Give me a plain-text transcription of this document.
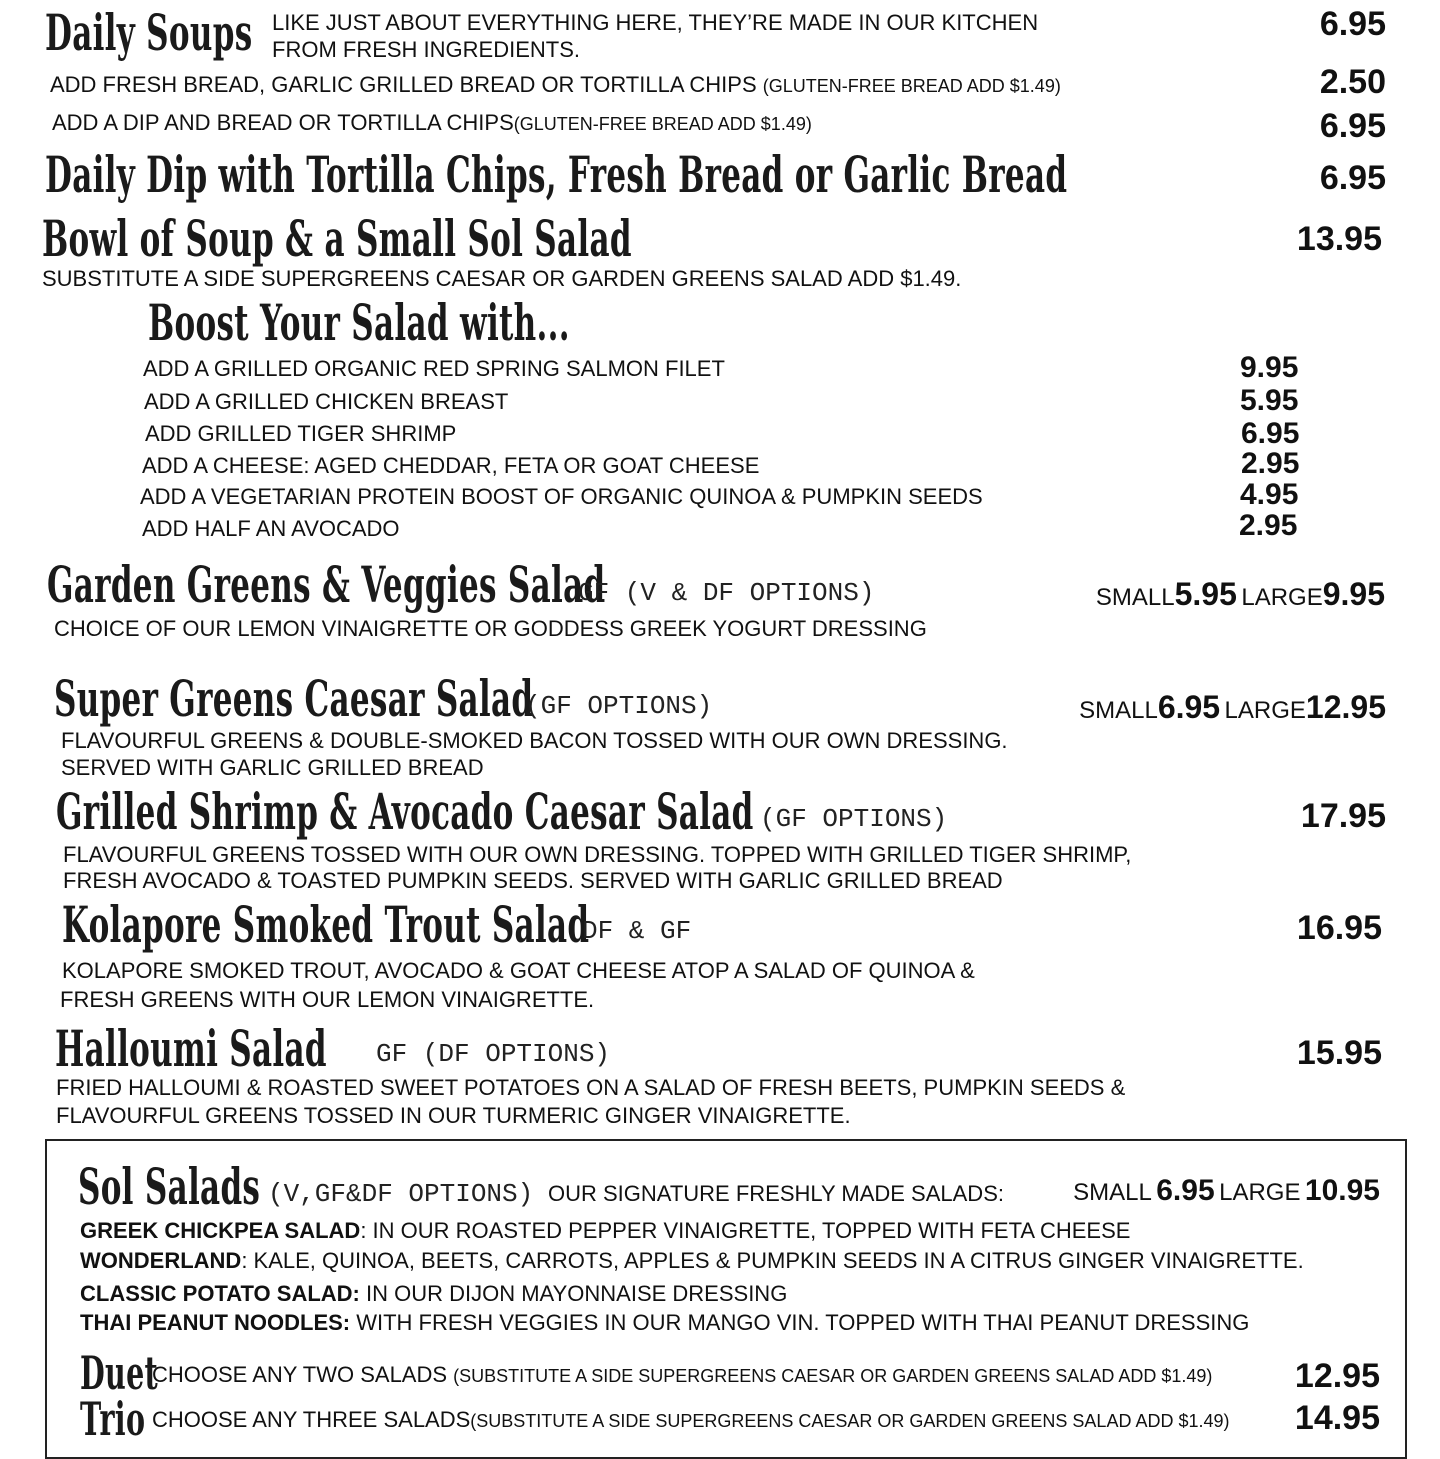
Daily Soups LIKE JUST ABOUT EVERYTHING HERE, THEY’RE MADE IN OUR KITCHEN
FROM FRESH INGREDIENTS.
6.95
ADD FRESH BREAD, GARLIC GRILLED BREAD OR TORTILLA CHIPS (GLUTEN-FREE BREAD ADD $1.49)	2.50
ADD A DIP AND BREAD OR TORTILLA CHIPS(GLUTEN-FREE BREAD ADD $1.49)	6.95
Daily Dip with Tortilla Chips, Fresh Bread or Garlic Bread	6.95
Bowl of Soup & a Small Sol Salad	13.95
SUBSTITUTE A SIDE SUPERGREENS CAESAR OR GARDEN GREENS SALAD ADD $1.49.
Boost Your Salad with...
ADD A GRILLED ORGANIC RED SPRING SALMON FILET	9.95
ADD A GRILLED CHICKEN BREAST	5.95
ADD GRILLED TIGER SHRIMP	6.95
ADD A CHEESE: AGED CHEDDAR, FETA OR GOAT CHEESE	2.95
ADD A VEGETARIAN PROTEIN BOOST OF ORGANIC QUINOA & PUMPKIN SEEDS	4.95
ADD HALF AN AVOCADO	2.95
Garden Greens & Veggies Salad
GF (V & DF OPTIONS)	SMALL5.95 LARGE9.95
CHOICE OF OUR LEMON VINAIGRETTE OR GODDESS GREEK YOGURT DRESSING
Super Greens Caesar Salad
(GF OPTIONS)	SMALL6.95 LARGE12.95
FLAVOURFUL GREENS & DOUBLE-SMOKED BACON TOSSED WITH OUR OWN DRESSING.
SERVED WITH GARLIC GRILLED BREAD
Grilled Shrimp & Avocado Caesar Salad (GF OPTIONS)	17.95
FLAVOURFUL GREENS TOSSED WITH OUR OWN DRESSING. TOPPED WITH GRILLED TIGER SHRIMP,
FRESH AVOCADO & TOASTED PUMPKIN SEEDS. SERVED WITH GARLIC GRILLED BREAD
Kolapore Smoked Trout Salad
DF & GF	16.95
KOLAPORE SMOKED TROUT, AVOCADO & GOAT CHEESE ATOP A SALAD OF QUINOA &
FRESH GREENS WITH OUR LEMON VINAIGRETTE.
Halloumi Salad GF (DF OPTIONS)	15.95
FRIED HALLOUMI & ROASTED SWEET POTATOES ON A SALAD OF FRESH BEETS, PUMPKIN SEEDS &
FLAVOURFUL GREENS TOSSED IN OUR TURMERIC GINGER VINAIGRETTE.
Sol Salads (V,GF&DF OPTIONS) OUR SIGNATURE FRESHLY MADE SALADS:	SMALL 6.95 LARGE 10.95
GREEK CHICKPEA SALAD: IN OUR ROASTED PEPPER VINAIGRETTE, TOPPED WITH FETA CHEESE
WONDERLAND: KALE, QUINOA, BEETS, CARROTS, APPLES & PUMPKIN SEEDS IN A CITRUS GINGER VINAIGRETTE.
CLASSIC POTATO SALAD: IN OUR DIJON MAYONNAISE DRESSING
THAI PEANUT NOODLES: WITH FRESH VEGGIES IN OUR MANGO VIN. TOPPED WITH THAI PEANUT DRESSING
Duet
CHOOSE ANY TWO SALADS (SUBSTITUTE A SIDE SUPERGREENS CAESAR OR GARDEN GREENS SALAD ADD $1.49) 12.95
Trio CHOOSE ANY THREE SALADS(SUBSTITUTE A SIDE SUPERGREENS CAESAR OR GARDEN GREENS SALAD ADD $1.49) 14.95
